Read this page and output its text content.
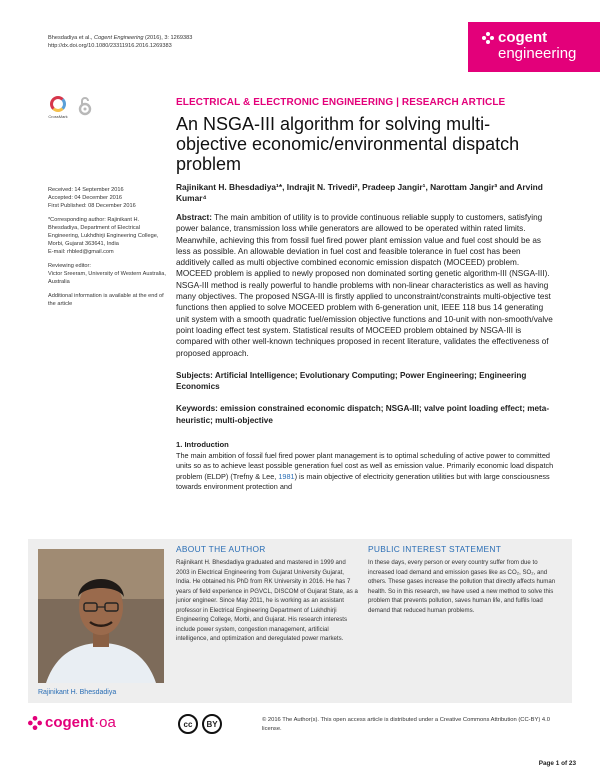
Bhesdadiya et al., Cogent Engineering (2016), 3: 1269383
http://dx.doi.org/10.1080/23311916.2016.1269383	cogent
engineering
CrossMark

Received: 14 September 2016
Accepted: 04 December 2016
First Published: 08 December 2016

*Corresponding author: Rajinikant H. Bhesdadiya, Department of Electrical Engineering, Lukhdhirji Engineering College, Morbi, Gujarat 363641, India
E-mail: rhbled@gmail.com

Reviewing editor:
Victor Sreeram, University of Western Australia, Australia

Additional information is available at the end of the article

ELECTRICAL & ELECTRONIC ENGINEERING | RESEARCH ARTICLE
An NSGA-III algorithm for solving multi-objective economic/environmental dispatch problem
Rajinikant H. Bhesdadiya¹*, Indrajit N. Trivedi², Pradeep Jangir¹, Narottam Jangir³ and Arvind Kumar⁴
Abstract: The main ambition of utility is to provide continuous reliable supply to customers, satisfying power balance, transmission loss while generators are allowed to be operated within rated limits. Meanwhile, achieving this from fossil fuel fired power plant emission value and fuel cost should be as less as possible. An allowable deviation in fuel cost and feasible tolerance in fuel cost has been additively called as multi objective combined economic emission dispatch (MOCEED) problem. MOCEED problem is applied to newly proposed non dominated sorting genetic algorithm-III (NSGA-III). NSGA-III method is really powerful to handle problems with non-linear characteristics as well as having many objectives. The proposed NSGA-III is firstly applied to unconstraint/constraints multi-objective test functions then applied to solve MOCEED problem with 6-generation unit, IEEE 118 bus 14 generating unit system with a smooth quadratic fuel/emission objective functions and 10-unit with non-smooth/valve point loading effect test system. Statistical results of MOCEED problem obtained by NSGA-III is compared with other well-known techniques proposed in recent literature, validates the effectiveness of proposed approach.
Subjects: Artificial Intelligence; Evolutionary Computing; Power Engineering; Engineering Economics
Keywords: emission constrained economic dispatch; NSGA-III; valve point loading effect; meta-heuristic; multi-objective
1. Introduction
The main ambition of fossil fuel fired power plant management is to optimal scheduling of active power to committed units so as to achieve least possible generation fuel cost as well as emission value. Primarily economic load dispatch problem (ELDP) (Trefny & Lee, 1981) is main objective of electricity generation utilities but with large consciousness towards environment protection and
Rajinikant H. Bhesdadiya
ABOUT THE AUTHOR

Rajinikant H. Bhesdadiya graduated and mastered in 1999 and 2003 in Electrical Engineering from Gujarat University Gujarat, India. He obtained his PhD from RK University in 2016. He has 7 years of field experience in PGVCL, DISCOM of Gujarat State, as a junior engineer. Since May 2011, he is working as an assistant professor in Electrical Engineering Department of Lukhdhirji Engineering College, Morbi, and Gujarat. His research interests include power system, congestion management, artificial intelligence, and optimization and deregulated power markets.

PUBLIC INTEREST STATEMENT

In these days, every person or every country suffer from due to increased load demand and emission gases like as CO₂, SO₂, and others. These gases increase the pollution that directly affects human health. So in this research, we have used a new method to solve this problem that prevents pollution, saves human life, and fulfils load demand that reduced human problems.

cogent ·oa	cc	BY	© 2016 The Author(s). This open access article is distributed under a Creative Commons Attribution (CC-BY) 4.0 license.
Page 1 of 23
